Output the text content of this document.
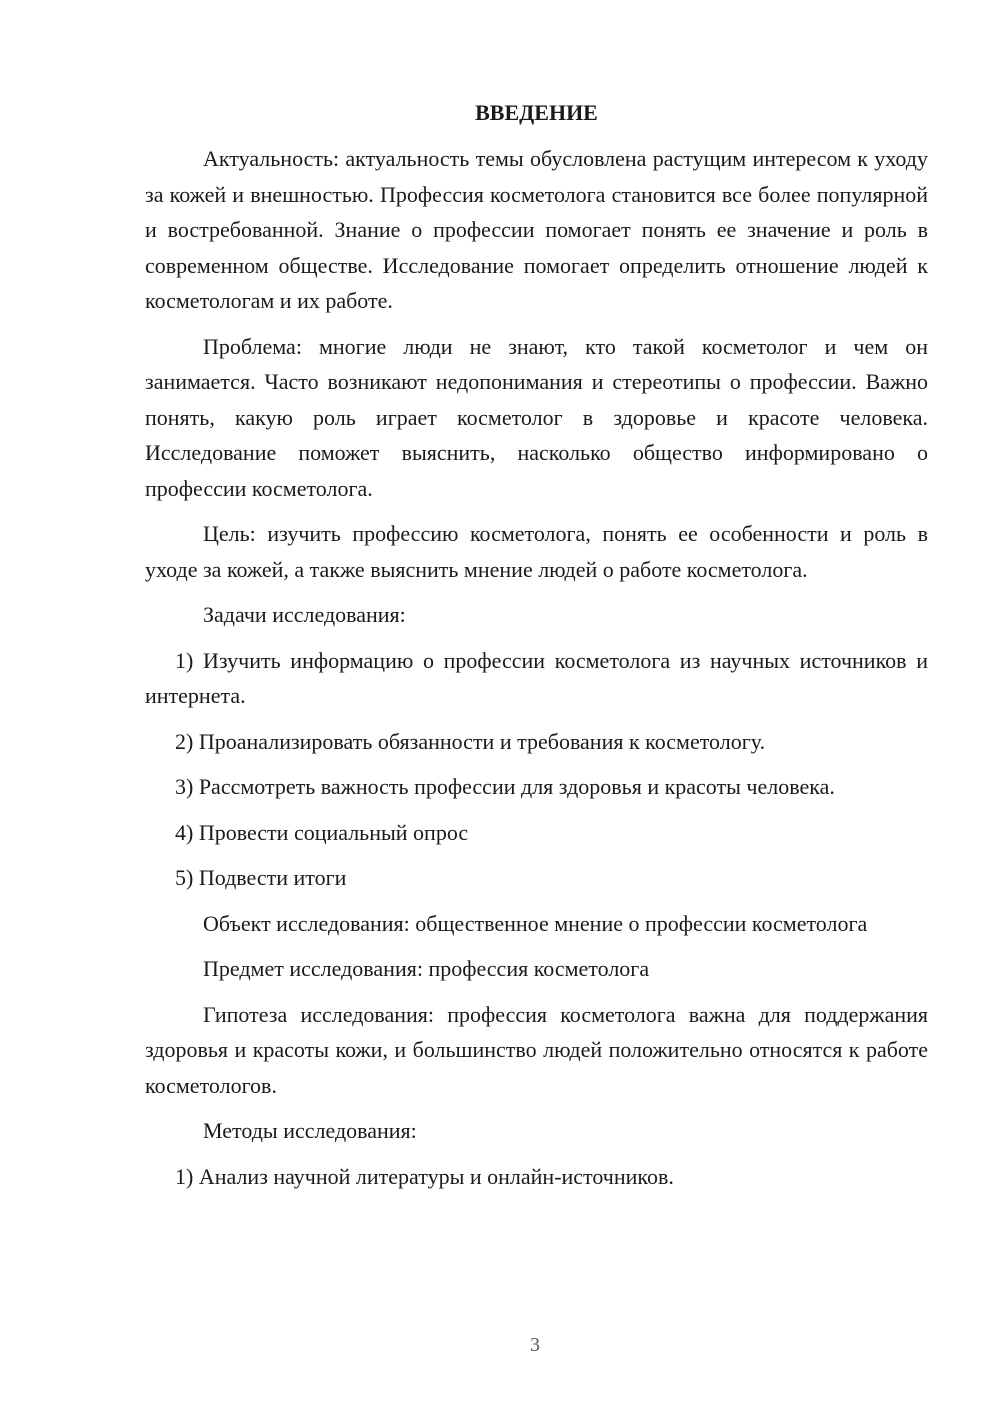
ВВЕДЕНИЕ

Актуальность: актуальность темы обусловлена растущим интересом к уходу за кожей и внешностью. Профессия косметолога становится все более популярной и востребованной. Знание о профессии помогает понять ее значение и роль в современном обществе. Исследование помогает определить отношение людей к косметологам и их работе.

Проблема: многие люди не знают, кто такой косметолог и чем он занимается. Часто возникают недопонимания и стереотипы о профессии. Важно понять, какую роль играет косметолог в здоровье и красоте человека. Исследование поможет выяснить, насколько общество информировано о профессии косметолога.

Цель: изучить профессию косметолога, понять ее особенности и роль в уходе за кожей, а также выяснить мнение людей о работе косметолога.

Задачи исследования:

1) Изучить информацию о профессии косметолога из научных источников и интернета.

2) Проанализировать обязанности и требования к косметологу.

3) Рассмотреть важность профессии для здоровья и красоты человека.

4) Провести социальный опрос

5) Подвести итоги

Объект исследования: общественное мнение о профессии косметолога

Предмет исследования: профессия косметолога

Гипотеза исследования: профессия косметолога важна для поддержания здоровья и красоты кожи, и большинство людей положительно относятся к работе косметологов.

Методы исследования:

1) Анализ научной литературы и онлайн-источников.

3
